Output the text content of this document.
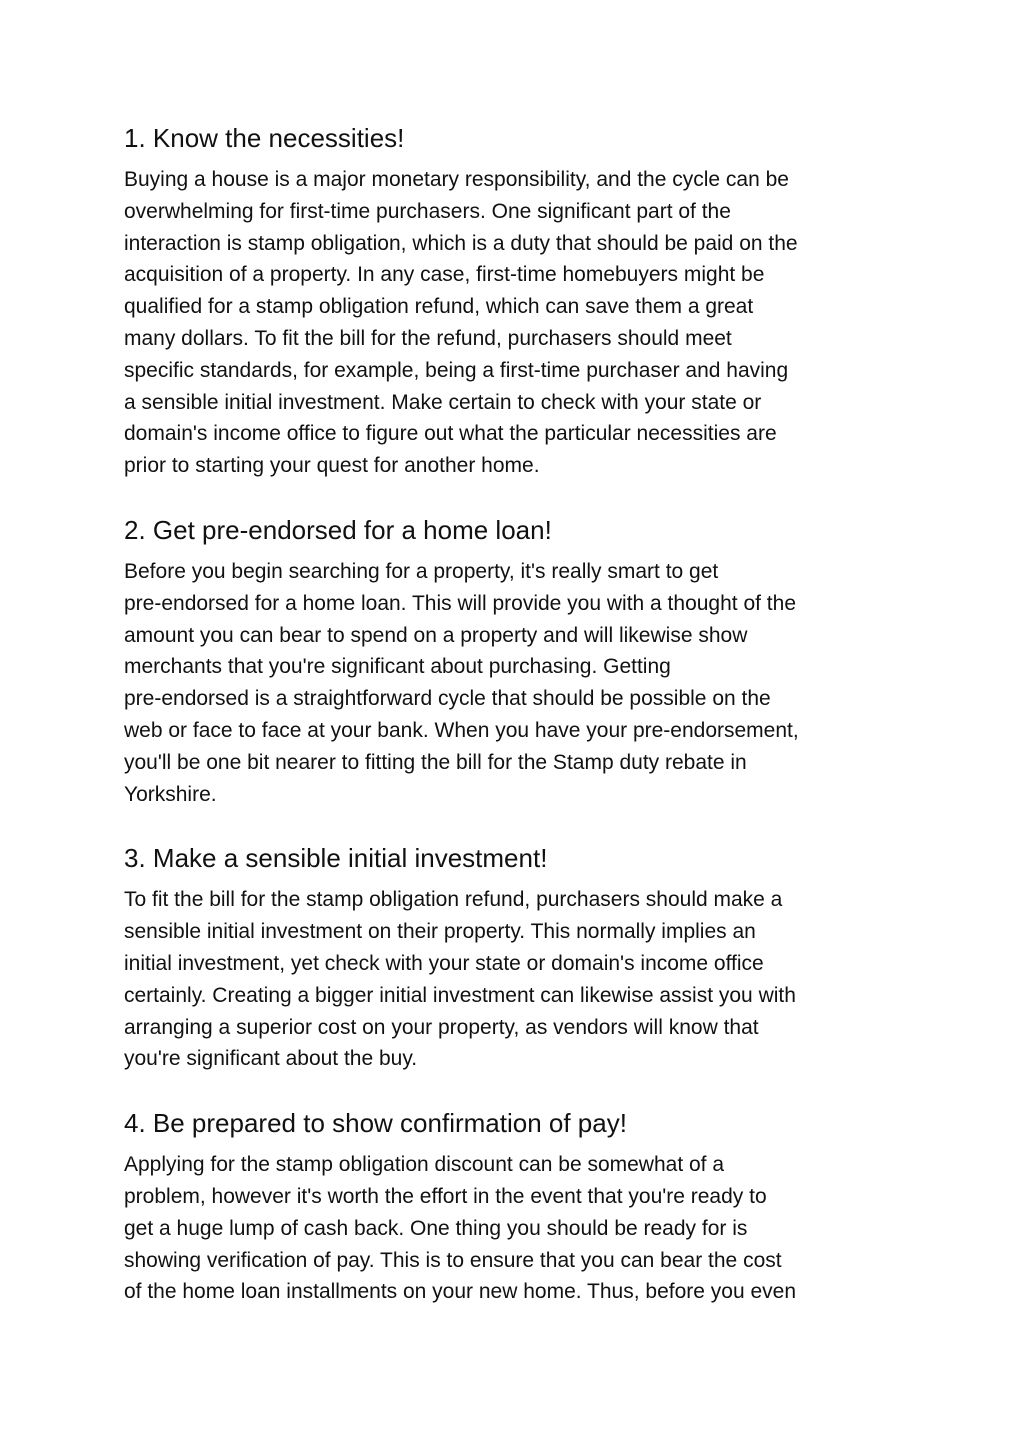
1. Know the necessities!

Buying a house is a major monetary responsibility, and the cycle can be
overwhelming for first-time purchasers. One significant part of the
interaction is stamp obligation, which is a duty that should be paid on the
acquisition of a property. In any case, first-time homebuyers might be
qualified for a stamp obligation refund, which can save them a great
many dollars. To fit the bill for the refund, purchasers should meet
specific standards, for example, being a first-time purchaser and having
a sensible initial investment. Make certain to check with your state or
domain's income office to figure out what the particular necessities are
prior to starting your quest for another home.

2. Get pre-endorsed for a home loan!

Before you begin searching for a property, it's really smart to get
pre-endorsed for a home loan. This will provide you with a thought of the
amount you can bear to spend on a property and will likewise show
merchants that you're significant about purchasing. Getting
pre-endorsed is a straightforward cycle that should be possible on the
web or face to face at your bank. When you have your pre-endorsement,
you'll be one bit nearer to fitting the bill for the Stamp duty rebate in
Yorkshire.

3. Make a sensible initial investment!

To fit the bill for the stamp obligation refund, purchasers should make a
sensible initial investment on their property. This normally implies an
initial investment, yet check with your state or domain's income office
certainly. Creating a bigger initial investment can likewise assist you with
arranging a superior cost on your property, as vendors will know that
you're significant about the buy.

4. Be prepared to show confirmation of pay!

Applying for the stamp obligation discount can be somewhat of a
problem, however it's worth the effort in the event that you're ready to
get a huge lump of cash back. One thing you should be ready for is
showing verification of pay. This is to ensure that you can bear the cost
of the home loan installments on your new home. Thus, before you even
